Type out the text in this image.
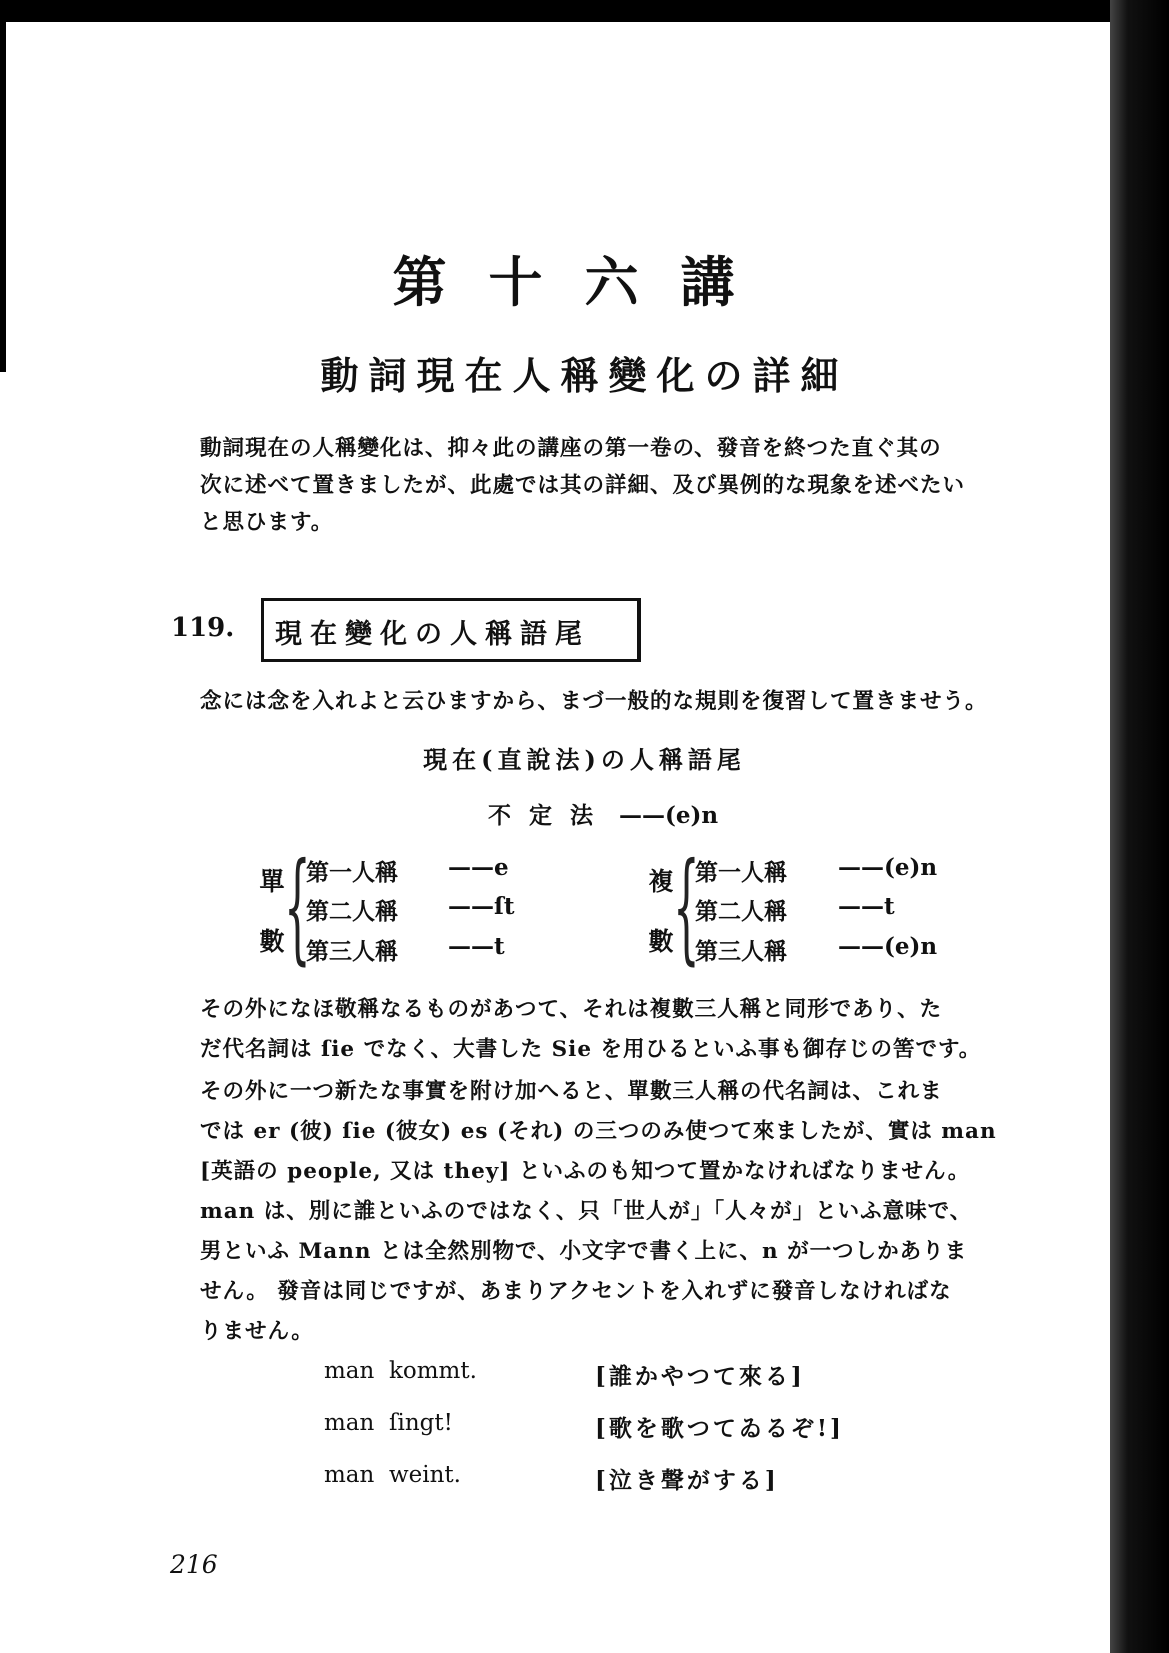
第十六講
動詞現在人稱變化の詳細
動詞現在の人稱變化は、抑々此の講座の第一卷の、發音を終つた直ぐ其の
次に述べて置きましたが、此處では其の詳細、及び異例的な現象を述べたい
と思ひます。
119. 現在變化の人稱語尾
念には念を入れよと云ひますから、まづ一般的な規則を復習して置きませう。
現在(直說法)の人稱語尾
不定法 ——(e)n
單
數 {
第一人稱 ——e
第二人稱 ——ſt
第三人稱 ——t
複
數 {
第一人稱 ——(e)n
第二人稱 ——t
第三人稱 ——(e)n
その外になほ敬稱なるものがあつて、それは複數三人稱と同形であり、た
だ代名詞は ſie でなく、大書した Sie を用ひるといふ事も御存じの筈です。
その外に一つ新たな事實を附け加へると、單數三人稱の代名詞は、これま
では er (彼) ſie (彼女) es (それ) の三つのみ使つて來ましたが、實は man
[英語の people, 又は they] といふのも知つて置かなければなりません。
man は、別に誰といふのではなく、只「世人が」「人々が」といふ意味で、
男といふ Mann とは全然別物で、小文字で書く上に、n が一つしかありま
せん。 發音は同じですが、あまりアクセントを入れずに發音しなければな
りません。
man  kommt.	[誰かやつて來る]
man  ſingt!	[歌を歌つてゐるぞ!]
man  weint.	[泣き聲がする]
216
